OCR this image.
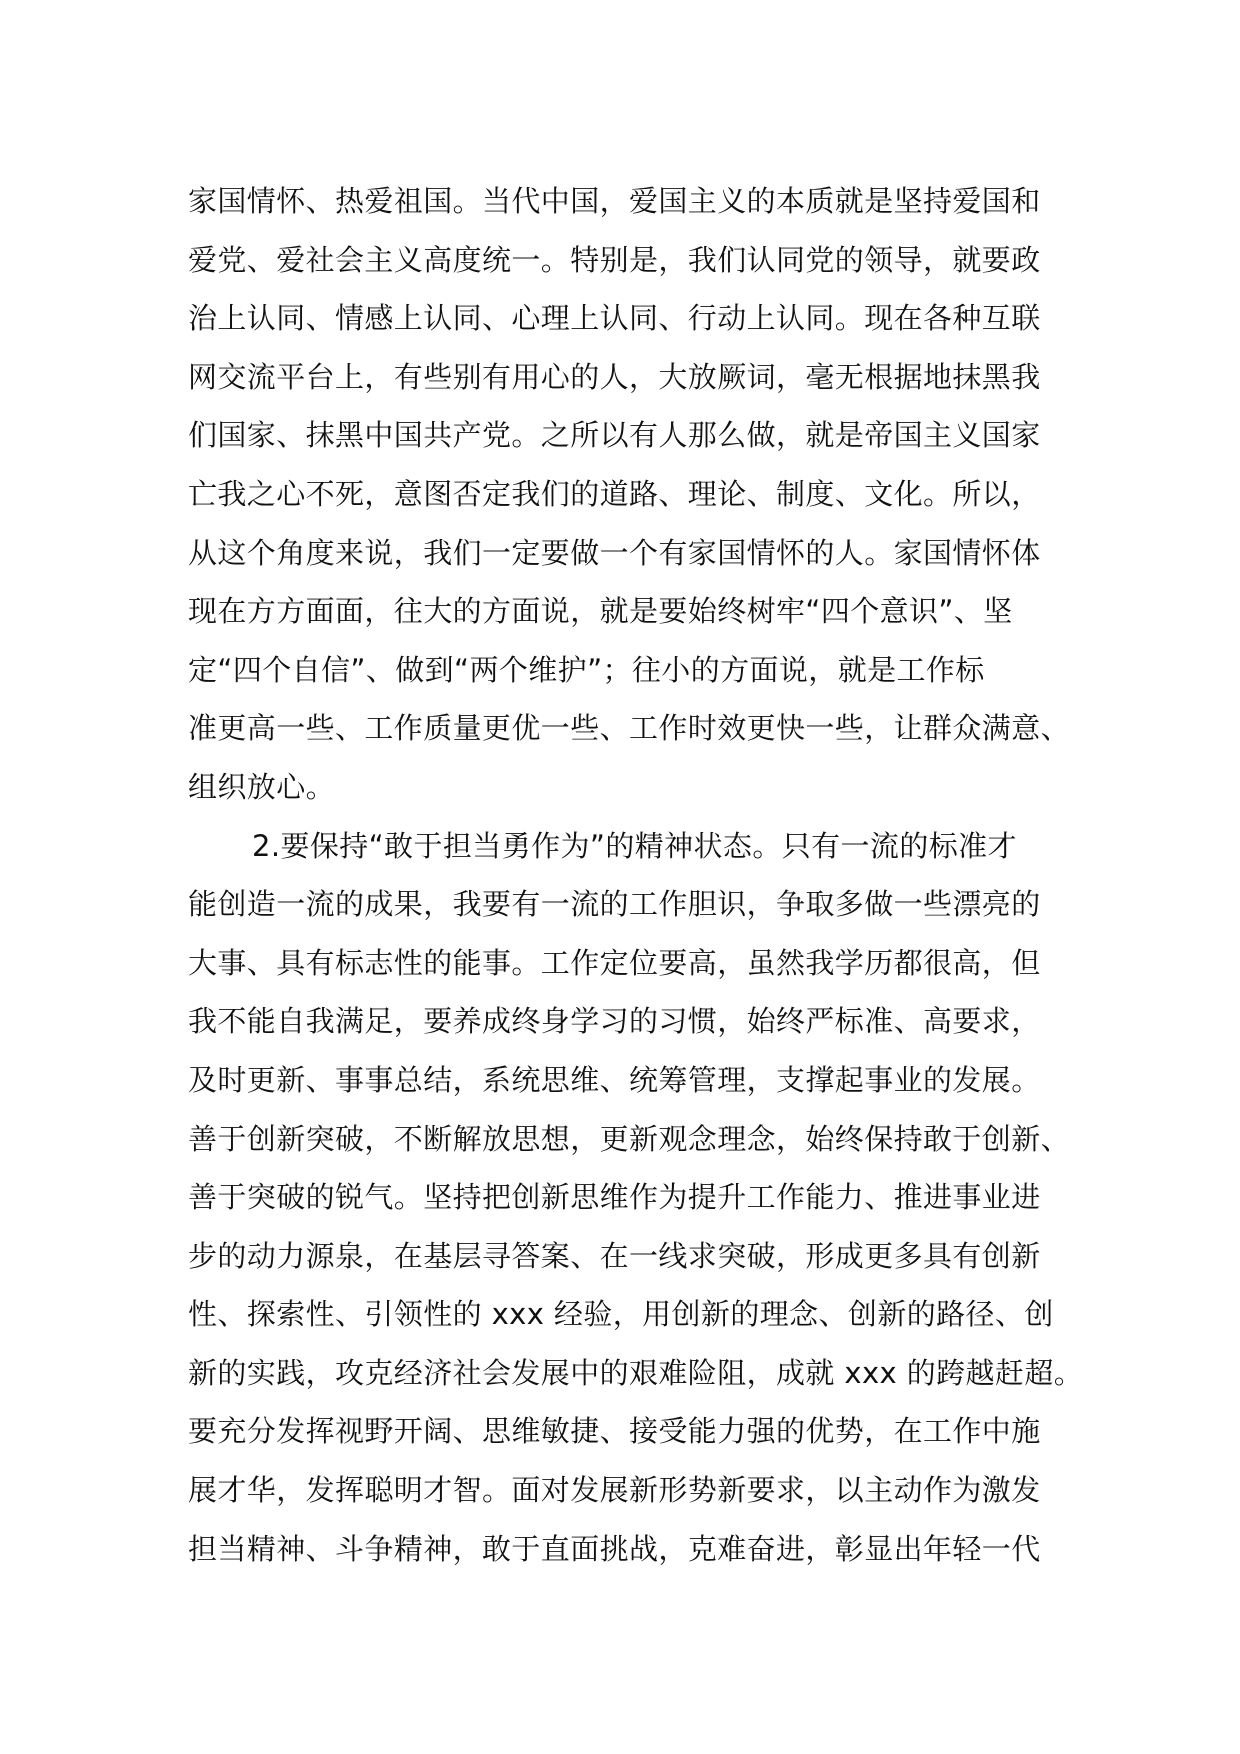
家国情怀、热爱祖国。当代中国，爱国主义的本质就是坚持爱国和
爱党、爱社会主义高度统一。特别是，我们认同党的领导，就要政
治上认同、情感上认同、心理上认同、行动上认同。现在各种互联
网交流平台上，有些别有用心的人，大放厥词，毫无根据地抹黑我
们国家、抹黑中国共产党。之所以有人那么做，就是帝国主义国家
亡我之心不死，意图否定我们的道路、理论、制度、文化。所以，
从这个角度来说，我们一定要做一个有家国情怀的人。家国情怀体
现在方方面面，往大的方面说，就是要始终树牢“四个意识”、坚
定“四个自信”、做到“两个维护”；往小的方面说，就是工作标
准更高一些、工作质量更优一些、工作时效更快一些，让群众满意、
组织放心。
2.要保持“敢于担当勇作为”的精神状态。只有一流的标准才
能创造一流的成果，我要有一流的工作胆识，争取多做一些漂亮的
大事、具有标志性的能事。工作定位要高，虽然我学历都很高，但
我不能自我满足，要养成终身学习的习惯，始终严标准、高要求，
及时更新、事事总结，系统思维、统筹管理，支撑起事业的发展。
善于创新突破，不断解放思想，更新观念理念，始终保持敢于创新、
善于突破的锐气。坚持把创新思维作为提升工作能力、推进事业进
步的动力源泉，在基层寻答案、在一线求突破，形成更多具有创新
性、探索性、引领性的 xxx 经验，用创新的理念、创新的路径、创
新的实践，攻克经济社会发展中的艰难险阻，成就 xxx 的跨越赶超。
要充分发挥视野开阔、思维敏捷、接受能力强的优势，在工作中施
展才华，发挥聪明才智。面对发展新形势新要求，以主动作为激发
担当精神、斗争精神，敢于直面挑战，克难奋进，彰显出年轻一代
